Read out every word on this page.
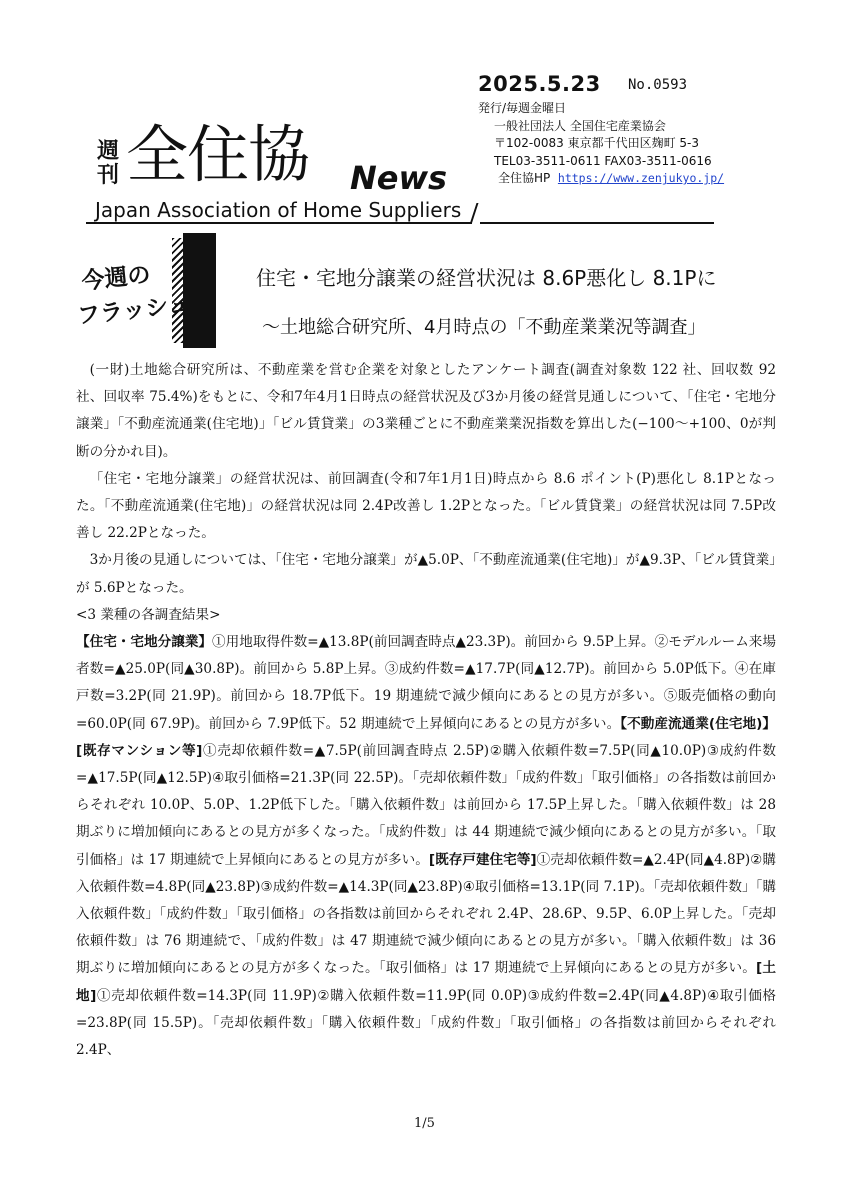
2025.5.23 No.0593
発行/毎週金曜日
一般社団法人 全国住宅産業協会
〒102-0083 東京都千代田区麹町 5-3
TEL03-3511-0611 FAX03-3511-0616
全住協HP https://www.zenjukyo.jp/
週刊 全住協 News
Japan Association of Home Suppliers
今週の
フラッシュ
住宅・宅地分譲業の経営状況は 8.6P悪化し 8.1Pに
〜土地総合研究所、4月時点の「不動産業業況等調査」

(一財)土地総合研究所は、不動産業を営む企業を対象としたアンケート調査(調査対象数 122 社、回収数 92 社、回収率 75.4%)をもとに、令和7年4月1日時点の経営状況及び3か月後の経営見通しについて、「住宅・宅地分譲業」「不動産流通業(住宅地)」「ビル賃貸業」の3業種ごとに不動産業業況指数を算出した(−100〜+100、0が判断の分かれ目)。

「住宅・宅地分譲業」の経営状況は、前回調査(令和7年1月1日)時点から 8.6 ポイント(P)悪化し 8.1Pとなった。「不動産流通業(住宅地)」の経営状況は同 2.4P改善し 1.2Pとなった。「ビル賃貸業」の経営状況は同 7.5P改善し 22.2Pとなった。

3か月後の見通しについては、「住宅・宅地分譲業」が▲5.0P、「不動産流通業(住宅地)」が▲9.3P、「ビル賃貸業」が 5.6Pとなった。

<3 業種の各調査結果>

【住宅・宅地分譲業】①用地取得件数=▲13.8P(前回調査時点▲23.3P)。前回から 9.5P上昇。②モデルルーム来場者数=▲25.0P(同▲30.8P)。前回から 5.8P上昇。③成約件数=▲17.7P(同▲12.7P)。前回から 5.0P低下。④在庫戸数=3.2P(同 21.9P)。前回から 18.7P低下。19 期連続で減少傾向にあるとの見方が多い。⑤販売価格の動向=60.0P(同 67.9P)。前回から 7.9P低下。52 期連続で上昇傾向にあるとの見方が多い。【不動産流通業(住宅地)】[既存マンション等]①売却依頼件数=▲7.5P(前回調査時点 2.5P)②購入依頼件数=7.5P(同▲10.0P)③成約件数=▲17.5P(同▲12.5P)④取引価格=21.3P(同 22.5P)。「売却依頼件数」「成約件数」「取引価格」の各指数は前回からそれぞれ 10.0P、5.0P、1.2P低下した。「購入依頼件数」は前回から 17.5P上昇した。「購入依頼件数」は 28 期ぶりに増加傾向にあるとの見方が多くなった。「成約件数」は 44 期連続で減少傾向にあるとの見方が多い。「取引価格」は 17 期連続で上昇傾向にあるとの見方が多い。[既存戸建住宅等]①売却依頼件数=▲2.4P(同▲4.8P)②購入依頼件数=4.8P(同▲23.8P)③成約件数=▲14.3P(同▲23.8P)④取引価格=13.1P(同 7.1P)。「売却依頼件数」「購入依頼件数」「成約件数」「取引価格」の各指数は前回からそれぞれ 2.4P、28.6P、9.5P、6.0P上昇した。「売却依頼件数」は 76 期連続で、「成約件数」は 47 期連続で減少傾向にあるとの見方が多い。「購入依頼件数」は 36 期ぶりに増加傾向にあるとの見方が多くなった。「取引価格」は 17 期連続で上昇傾向にあるとの見方が多い。[土地]①売却依頼件数=14.3P(同 11.9P)②購入依頼件数=11.9P(同 0.0P)③成約件数=2.4P(同▲4.8P)④取引価格=23.8P(同 15.5P)。「売却依頼件数」「購入依頼件数」「成約件数」「取引価格」の各指数は前回からそれぞれ 2.4P、

1/5
